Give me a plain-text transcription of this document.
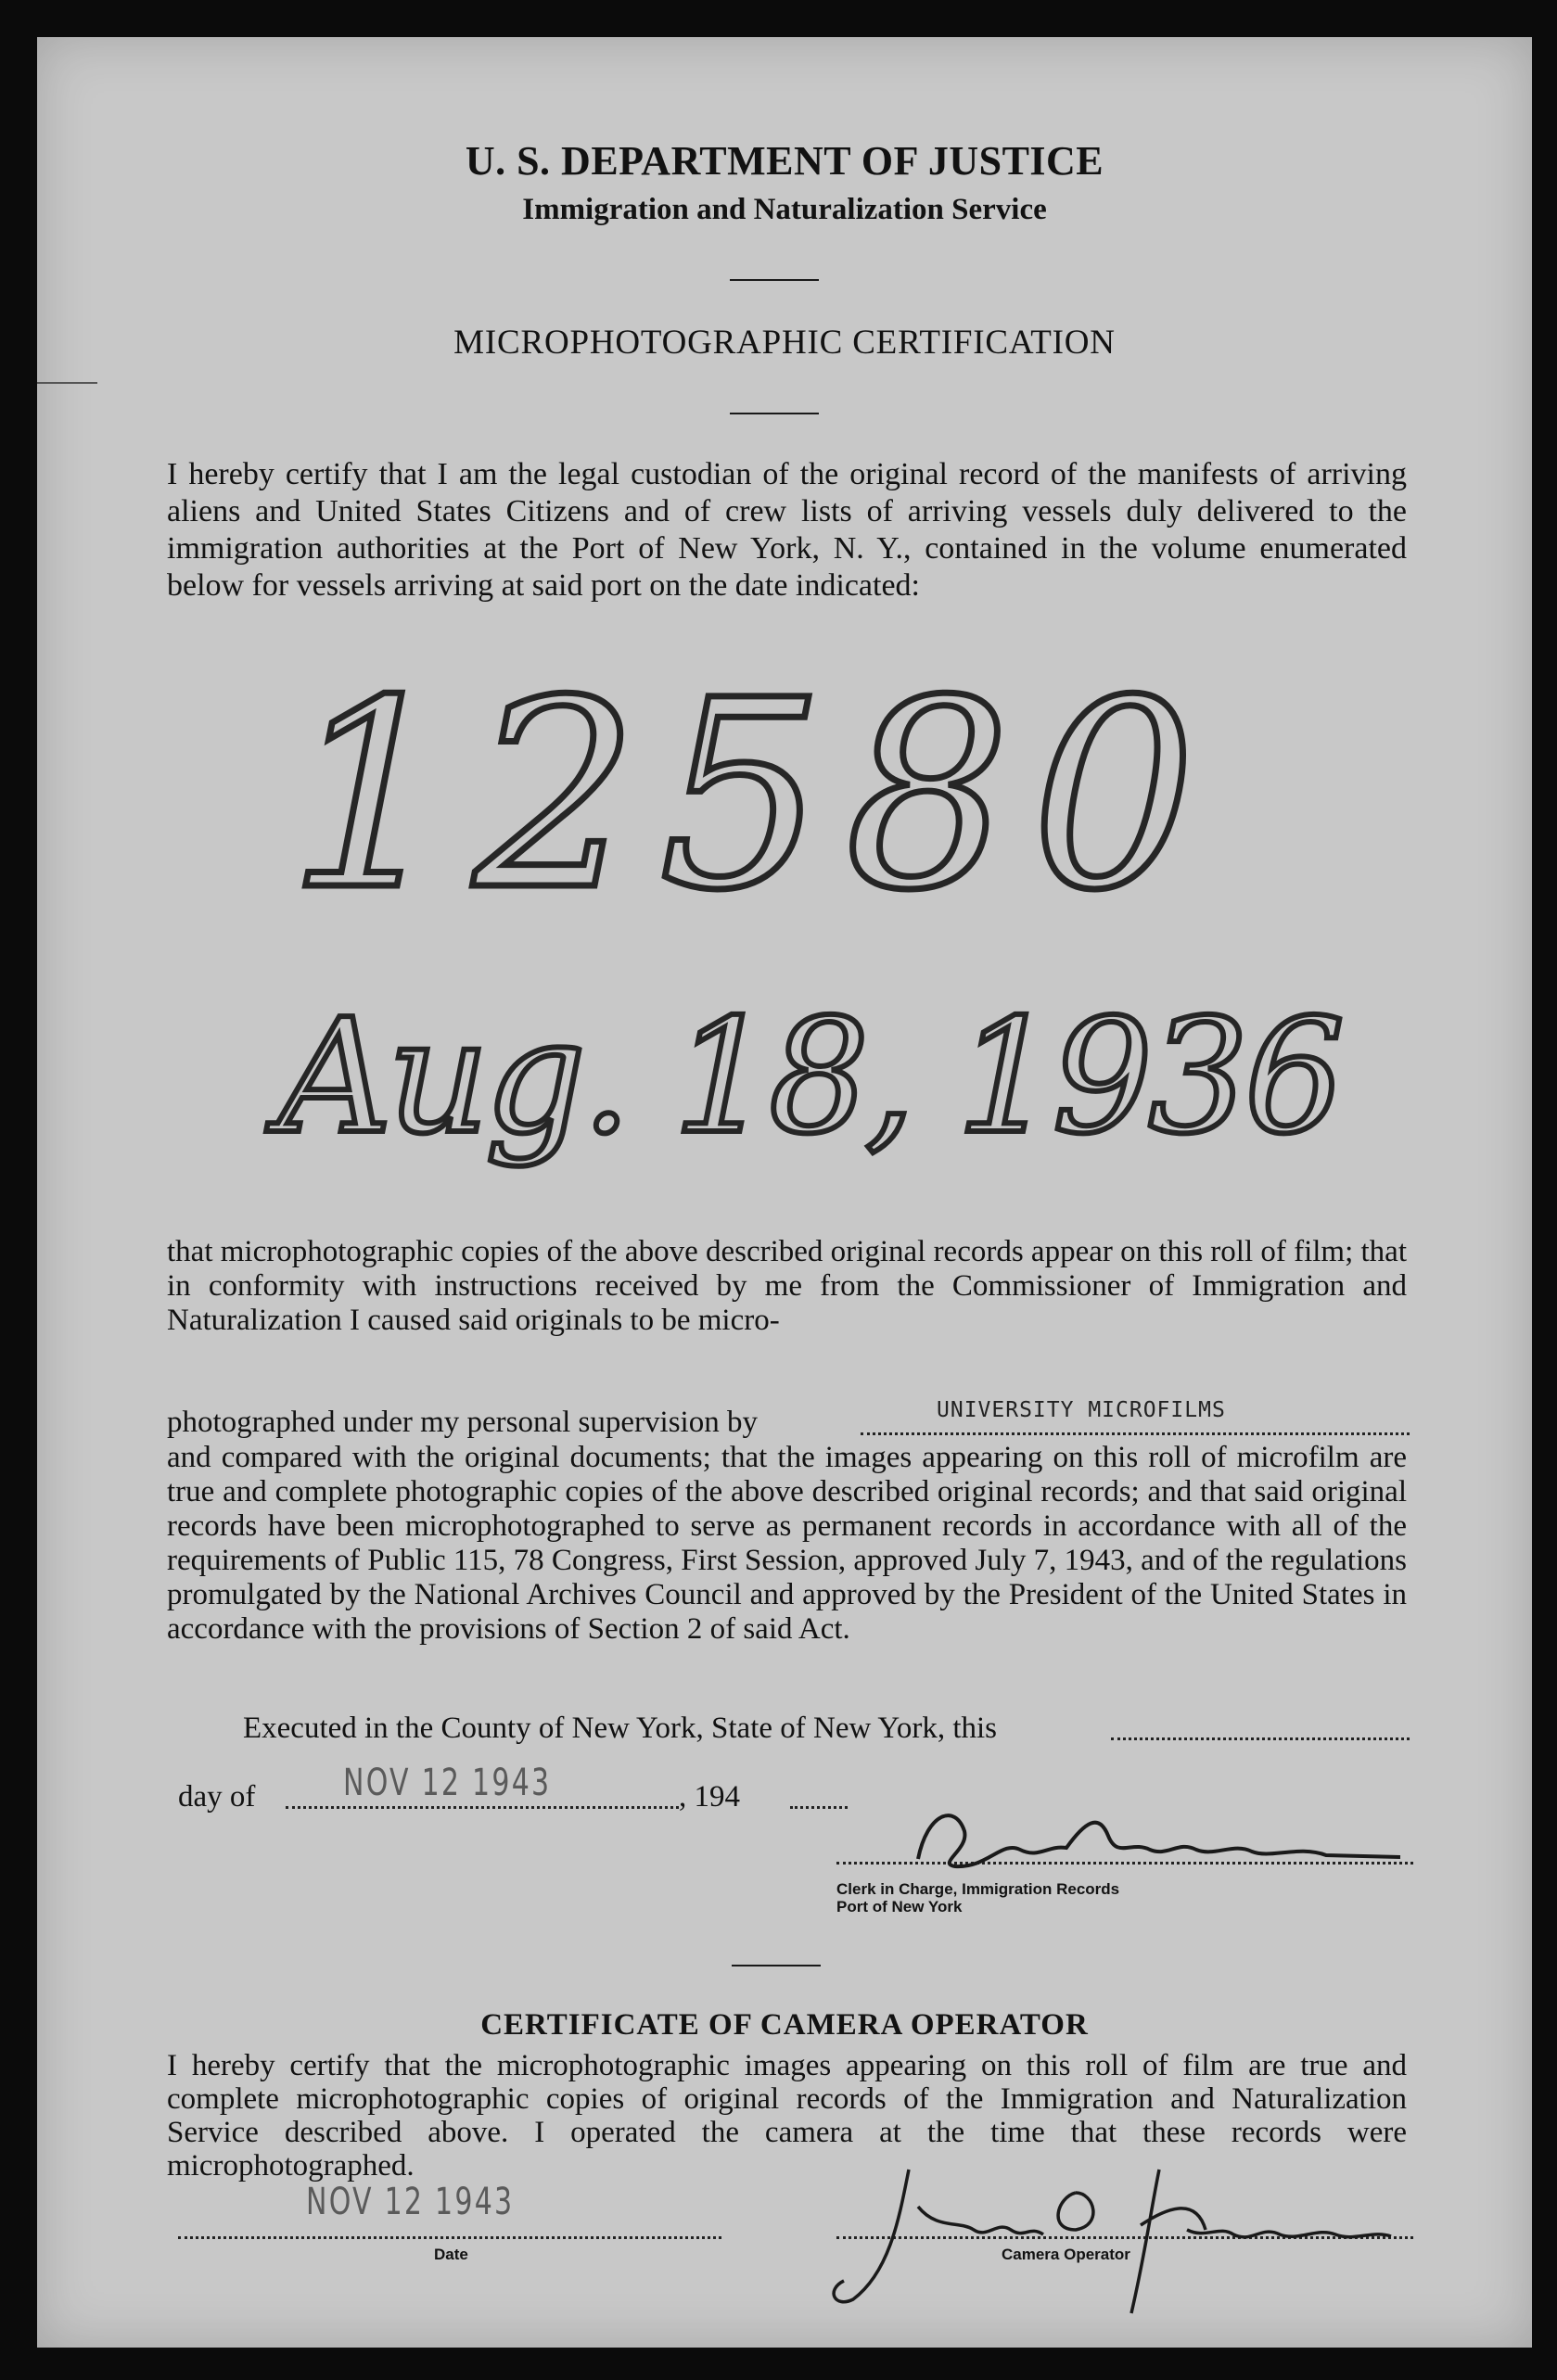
U. S. DEPARTMENT OF JUSTICE
Immigration and Naturalization Service
MICROPHOTOGRAPHIC CERTIFICATION

I hereby certify that I am the legal custodian of the original record of the manifests of arriving aliens and United States Citizens and of crew lists of arriving vessels duly delivered to the immigration authorities at the Port of New York, N. Y., contained in the volume enumerated below for vessels arriving at said port on the date indicated:

12580
Aug. 18, 1936

that microphotographic copies of the above described original records appear on this roll of film; that in conformity with instructions received by me from the Commissioner of Immigration and Naturalization I caused said originals to be micro-

photographed under my personal supervision by	UNIVERSITY MICROFILMS

and compared with the original documents; that the images appearing on this roll of microfilm are true and complete photographic copies of the above described original records; and that said original records have been microphotographed to serve as permanent records in accordance with all of the requirements of Public 115, 78 Congress, First Session, approved July 7, 1943, and of the regulations promulgated by the National Archives Council and approved by the President of the United States in accordance with the provisions of Section 2 of said Act.

Executed in the County of New York, State of New York, this
day of NOV 12 1943	, 194
Clerk in Charge, Immigration Records
Port of New York
CERTIFICATE OF CAMERA OPERATOR

I hereby certify that the microphotographic images appearing on this roll of film are true and complete microphotographic copies of original records of the Immigration and Naturalization Service described above. I operated the camera at the time that these records were microphotographed.

NOV 12 1943
Date	Camera Operator
